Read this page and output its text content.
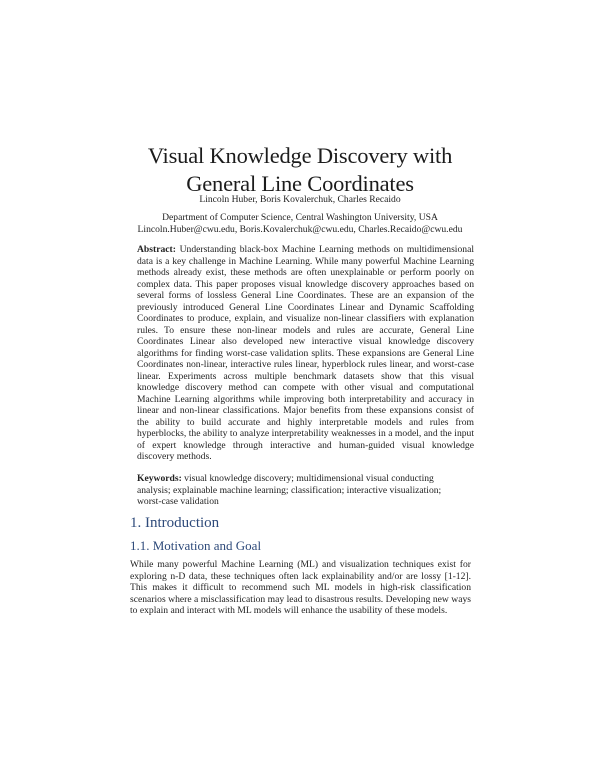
Visual Knowledge Discovery with
General Line Coordinates
Lincoln Huber, Boris Kovalerchuk, Charles Recaido
Department of Computer Science, Central Washington University, USA
Lincoln.Huber@cwu.edu, Boris.Kovalerchuk@cwu.edu, Charles.Recaido@cwu.edu
Abstract: Understanding black-box Machine Learning methods on multidimensional data is a key challenge in Machine Learning. While many powerful Machine Learning methods already exist, these methods are often unexplainable or perform poorly on complex data. This paper proposes visual knowledge discovery approaches based on several forms of lossless General Line Coordinates. These are an expansion of the previously introduced General Line Coordinates Linear and Dynamic Scaffolding Coordinates to produce, explain, and visualize non-linear classifiers with explanation rules. To ensure these non-linear models and rules are accurate, General Line Coordinates Linear also developed new interactive visual knowledge discovery algorithms for finding worst-case validation splits. These expansions are General Line Coordinates non-linear, interactive rules linear, hyperblock rules linear, and worst-case linear. Experiments across multiple benchmark datasets show that this visual knowledge discovery method can compete with other visual and computational Machine Learning algorithms while improving both interpretability and accuracy in linear and non-linear classifications. Major benefits from these expansions consist of the ability to build accurate and highly interpretable models and rules from hyperblocks, the ability to analyze interpretability weaknesses in a model, and the input of expert knowledge through interactive and human-guided visual knowledge discovery methods.
Keywords: visual knowledge discovery; multidimensional visual conducting analysis; explainable machine learning; classification; interactive visualization; worst-case validation
1. Introduction
1.1. Motivation and Goal
While many powerful Machine Learning (ML) and visualization techniques exist for exploring n-D data, these techniques often lack explainability and/or are lossy [1-12]. This makes it difficult to recommend such ML models in high-risk classification scenarios where a misclassification may lead to disastrous results. Developing new ways to explain and interact with ML models will enhance the usability of these models.
